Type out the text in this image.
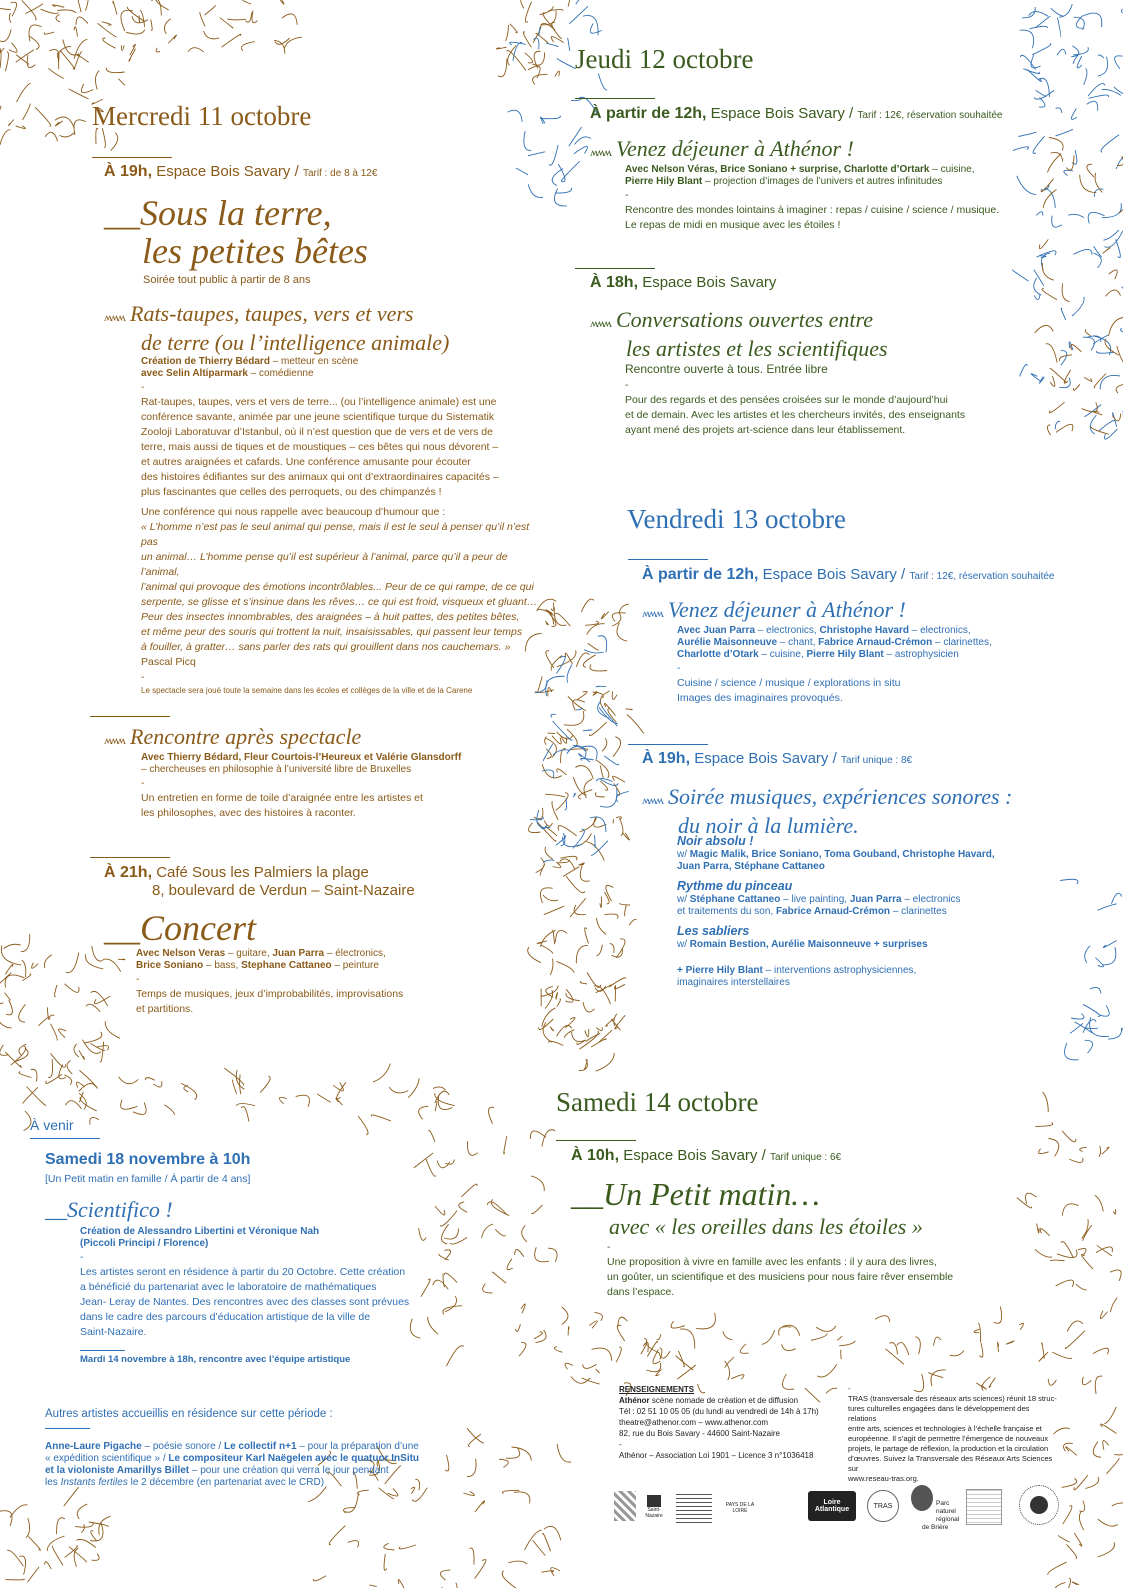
Mercredi 11 octobre
À 19h, Espace Bois Savary / Tarif : de 8 à 12€
__Sous la terre,
les petites bêtes
Soirée tout public à partir de 8 ans
ʍʍʍ Rats-taupes, taupes, vers et vers
de terre (ou l’intelligence animale)
Création de Thierry Bédard – metteur en scène
avec Selin Altiparmark – comédienne
-
Rat-taupes, taupes, vers et vers de terre... (ou l’intelligence animale) est une
conférence savante, animée par une jeune scientifique turque du Sistematik
Zooloji Laboratuvar d’Istanbul, où il n’est question que de vers et de vers de
terre, mais aussi de tiques et de moustiques – ces bêtes qui nous dévorent –
et autres araignées et cafards. Une conférence amusante pour écouter
des histoires édifiantes sur des animaux qui ont d’extraordinaires capacités –
plus fascinantes que celles des perroquets, ou des chimpanzés !
Une conférence qui nous rappelle avec beaucoup d’humour que :
« L’homme n’est pas le seul animal qui pense, mais il est le seul à penser qu’il n’est pas
un animal… L’homme pense qu’il est supérieur à l’animal, parce qu’il a peur de l’animal,
l’animal qui provoque des émotions incontrôlables... Peur de ce qui rampe, de ce qui
serpente, se glisse et s’insinue dans les rêves… ce qui est froid, visqueux et gluant…
Peur des insectes innombrables, des araignées – à huit pattes, des petites bêtes,
et même peur des souris qui trottent la nuit, insaisissables, qui passent leur temps
à fouiller, à gratter… sans parler des rats qui grouillent dans nos cauchemars. »
Pascal Picq
-
Le spectacle sera joué toute la semaine dans les écoles et collèges de la ville et de la Carene
ʍʍʍ Rencontre après spectacle
Avec Thierry Bédard, Fleur Courtois-l’Heureux et Valérie Glansdorff
– chercheuses en philosophie à l’université libre de Bruxelles
-
Un entretien en forme de toile d’araignée entre les artistes et
les philosophes, avec des histoires à raconter.
À 21h, Café Sous les Palmiers la plage
8, boulevard de Verdun – Saint-Nazaire
__Concert
Avec Nelson Veras – guitare, Juan Parra – électronics,
Brice Soniano – bass, Stephane Cattaneo – peinture
-
Temps de musiques, jeux d’improbabilités, improvisations
et partitions.
Jeudi 12 octobre
À partir de 12h, Espace Bois Savary / Tarif : 12€, réservation souhaitée
ʍʍʍ Venez déjeuner à Athénor !
Avec Nelson Véras, Brice Soniano + surprise, Charlotte d’Ortark – cuisine,
Pierre Hily Blant – projection d’images de l’univers et autres infinitudes
-
Rencontre des mondes lointains à imaginer : repas / cuisine / science / musique.
Le repas de midi en musique avec les étoiles !
À 18h, Espace Bois Savary
ʍʍʍ Conversations ouvertes entre
les artistes et les scientifiques
Rencontre ouverte à tous. Entrée libre
-
Pour des regards et des pensées croisées sur le monde d’aujourd’hui
et de demain. Avec les artistes et les chercheurs invités, des enseignants
ayant mené des projets art-science dans leur établissement.
Vendredi 13 octobre
À partir de 12h, Espace Bois Savary / Tarif : 12€, réservation souhaitée
ʍʍʍ Venez déjeuner à Athénor !
Avec Juan Parra – electronics, Christophe Havard – electronics,
Aurélie Maisonneuve – chant, Fabrice Arnaud-Crémon – clarinettes,
Charlotte d’Otark – cuisine, Pierre Hily Blant – astrophysicien
-
Cuisine / science / musique / explorations in situ
Images des imaginaires provoqués.
À 19h, Espace Bois Savary / Tarif unique : 8€
ʍʍʍ Soirée musiques, expériences sonores :
du noir à la lumière.
Noir absolu !
w/ Magic Malik, Brice Soniano, Toma Gouband, Christophe Havard,
Juan Parra, Stéphane Cattaneo
Rythme du pinceau
w/ Stéphane Cattaneo – live painting, Juan Parra – electronics
et traitements du son, Fabrice Arnaud-Crémon – clarinettes
Les sabliers
w/ Romain Bestion, Aurélie Maisonneuve + surprises
+ Pierre Hily Blant – interventions astrophysiciennes,
imaginaires interstellaires
Samedi 14 octobre
À 10h, Espace Bois Savary / Tarif unique : 6€
__Un Petit matin…
avec « les oreilles dans les étoiles »
-
Une proposition à vivre en famille avec les enfants : il y aura des livres,
un goûter, un scientifique et des musiciens pour nous faire rêver ensemble
dans l’espace.
À venir
Samedi 18 novembre à 10h
[Un Petit matin en famille / À partir de 4 ans]
__Scientifico !
Création de Alessandro Libertini et Véronique Nah
(Piccoli Principi / Florence)
-
Les artistes seront en résidence à partir du 20 Octobre. Cette création
a bénéficié du partenariat avec le laboratoire de mathématiques
Jean- Leray de Nantes. Des rencontres avec des classes sont prévues
dans le cadre des parcours d’éducation artistique de la ville de
Saint-Nazaire.
Mardi 14 novembre à 18h, rencontre avec l’équipe artistique
Autres artistes accueillis en résidence sur cette période :
Anne-Laure Pigache – poésie sonore / Le collectif n+1 – pour la préparation d’une
« expédition scientifique » / Le compositeur Karl Naëgelen avec le quatuor InSitu
et la violoniste Amarillys Billet – pour une création qui verra le jour pendant
les Instants fertiles le 2 décembre (en partenariat avec le CRD)
RENSEIGNEMENTS
Athénor scène nomade de création et de diffusion
Tél : 02 51 10 05 05 (du lundi au vendredi de 14h à 17h)
theatre@athenor.com – www.athenor.com
82, rue du Bois Savary - 44600 Saint-Nazaire
-
Athénor – Association Loi 1901 – Licence 3 n°1036418
-
TRAS (transversale des réseaux arts sciences) réunit 18 struc-
tures culturelles engagées dans le développement des relations
entre arts, sciences et technologies à l’échelle française et
européenne. Il s’agit de permettre l’émergence de nouveaux
projets, le partage de réflexion, la production et la circulation
d’œuvres. Suivez la Transversale des Réseaux Arts Sciences sur
www.reseau-tras.org.
Saint-Nazaire
PAYS DE LA LOIRE
Loire Atlantique	TRAS	Parc
naturel
régional
de Brière
